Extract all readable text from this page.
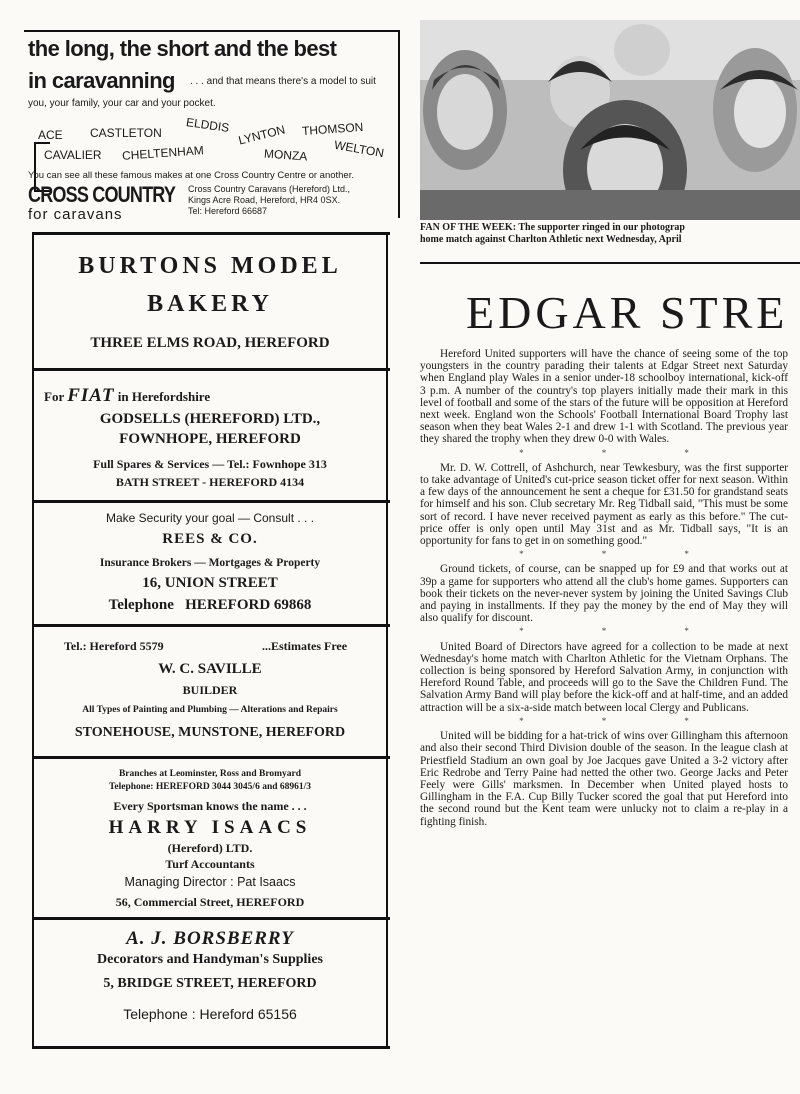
the long, the short and the best
in caravanning . . . and that means there's a model to suit
you, your family, your car and your pocket.
ACE CASTLETON ELDDIS LYNTON THOMSON
CAVALIER CHELTENHAM	MONZA WELTON
You can see all these famous makes at one Cross Country Centre or another.
CROSS COUNTRY
for caravans
Cross Country Caravans (Hereford) Ltd.,
Kings Acre Road, Hereford, HR4 0SX.
Tel: Hereford 66687
BURTONS MODEL
BAKERY
THREE ELMS ROAD, HEREFORD
For FIAT in Herefordshire
GODSELLS (HEREFORD) LTD.,
FOWNHOPE, HEREFORD
Full Spares & Services — Tel.: Fownhope 313
BATH STREET - HEREFORD 4134
Make Security your goal — Consult . . .
REES & CO.
Insurance Brokers — Mortgages & Property
16, UNION STREET
Telephone HEREFORD 69868
Tel.: Hereford 5579	...Estimates Free
W. C. SAVILLE
BUILDER
All Types of Painting and Plumbing — Alterations and Repairs
STONEHOUSE, MUNSTONE, HEREFORD
Branches at Leominster, Ross and Bromyard
Telephone: HEREFORD 3044 3045/6 and 68961/3
Every Sportsman knows the name . . .
HARRY ISAACS
(Hereford) LTD.
Turf Accountants
Managing Director : Pat Isaacs
56, Commercial Street, HEREFORD
A. J. BORSBERRY
Decorators and Handyman's Supplies
5, BRIDGE STREET, HEREFORD
Telephone : Hereford 65156
FAN OF THE WEEK: The supporter ringed in our photograp
home match against Charlton Athletic next Wednesday, April
EDGAR STRE

Hereford United supporters will have the chance of seeing some of the top youngsters in the country parading their talents at Edgar Street next Saturday when England play Wales in a senior under-18 schoolboy international, kick-off 3 p.m. A number of the country's top players initially made their mark in this level of football and some of the stars of the future will be opposition at Hereford next week. England won the Schools' Football International Board Trophy last season when they beat Wales 2-1 and drew 1-1 with Scotland. The previous year they shared the trophy when they drew 0-0 with Wales.

*	*	*

Mr. D. W. Cottrell, of Ashchurch, near Tewkesbury, was the first supporter to take advantage of United's cut-price season ticket offer for next season. Within a few days of the announcement he sent a cheque for £31.50 for grandstand seats for himself and his son. Club secretary Mr. Reg Tidball said, "This must be some sort of record. I have never received payment as early as this before." The cut-price offer is only open until May 31st and as Mr. Tidball says, "It is an opportunity for fans to get in on something good."

*	*	*

Ground tickets, of course, can be snapped up for £9 and that works out at 39p a game for supporters who attend all the club's home games. Supporters can book their tickets on the never-never system by joining the United Savings Club and paying in installments. If they pay the money by the end of May they will also qualify for discount.

*	*	*

United Board of Directors have agreed for a collection to be made at next Wednesday's home match with Charlton Athletic for the Vietnam Orphans. The collection is being sponsored by Hereford Salvation Army, in conjunction with Hereford Round Table, and proceeds will go to the Save the Children Fund. The Salvation Army Band will play before the kick-off and at half-time, and an added attraction will be a six-a-side match between local Clergy and Publicans.

*	*	*

United will be bidding for a hat-trick of wins over Gillingham this afternoon and also their second Third Division double of the season. In the league clash at Priestfield Stadium an own goal by Joe Jacques gave United a 3-2 victory after Eric Redrobe and Terry Paine had netted the other two. George Jacks and Peter Feely were Gills' marksmen. In December when United played hosts to Gillingham in the F.A. Cup Billy Tucker scored the goal that put Hereford into the second round but the Kent team were unlucky not to claim a re-play in a fighting finish.
